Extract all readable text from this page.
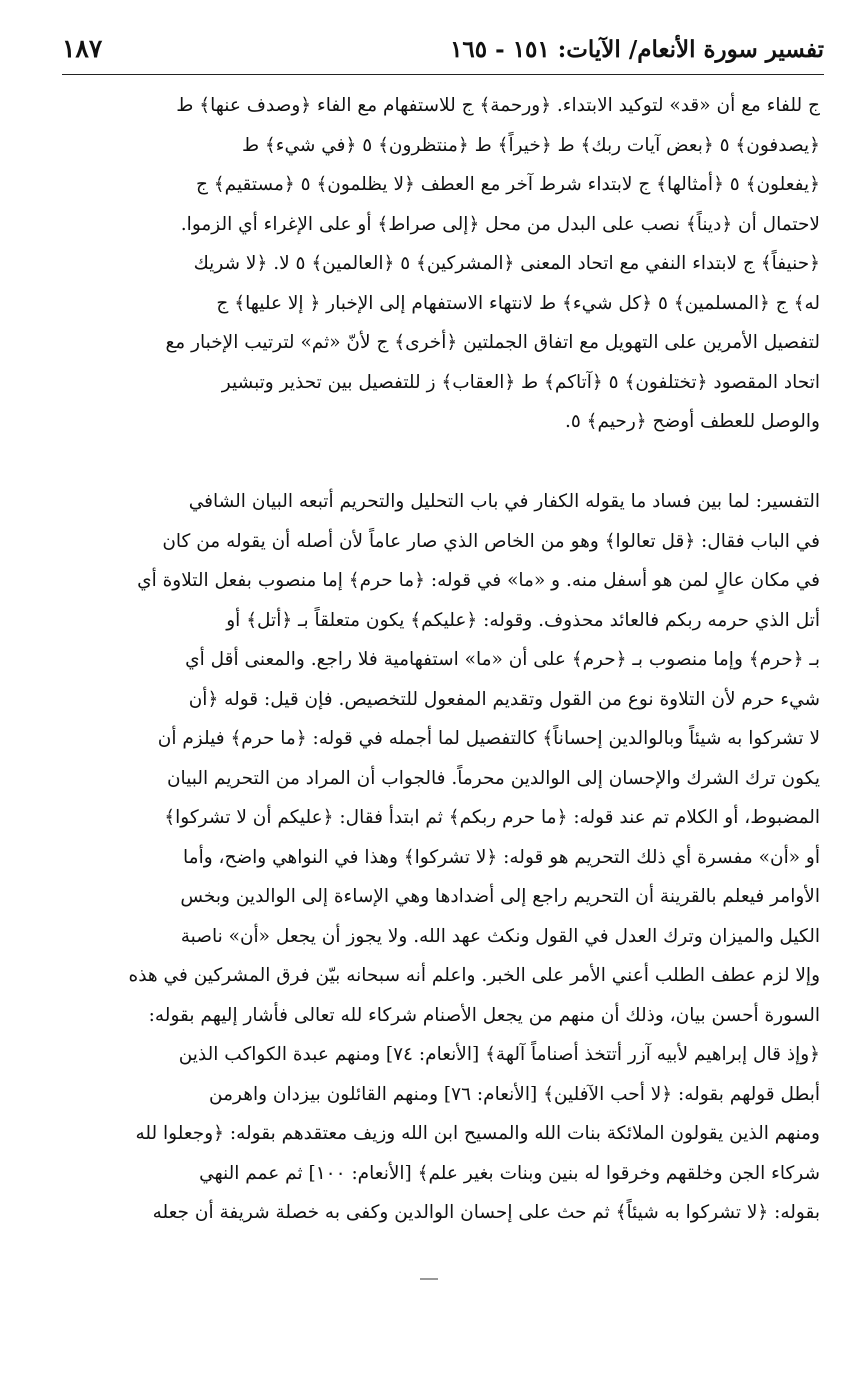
١٨٧	تفسير سورة الأنعام/ الآيات: ١٥١ - ١٦٥
ج للفاء مع أن «قد» لتوكيد الابتداء. ﴿ورحمة﴾ ج للاستفهام مع الفاء ﴿وصدف عنها﴾ ط
﴿يصدفون﴾ ٥ ﴿بعض آيات ربك﴾ ط ﴿خيراً﴾ ط ﴿منتظرون﴾ ٥ ﴿في شيء﴾ ط
﴿يفعلون﴾ ٥ ﴿أمثالها﴾ ج لابتداء شرط آخر مع العطف ﴿لا يظلمون﴾ ٥ ﴿مستقيم﴾ ج
لاحتمال أن ﴿ديناً﴾ نصب على البدل من محل ﴿إلى صراط﴾ أو على الإغراء أي الزموا.
﴿حنيفاً﴾ ج لابتداء النفي مع اتحاد المعنى ﴿المشركين﴾ ٥ ﴿العالمين﴾ ٥ لا. ﴿لا شريك
له﴾ ج ﴿المسلمين﴾ ٥ ﴿كل شيء﴾ ط لانتهاء الاستفهام إلى الإخبار ﴿ إلا عليها﴾ ج
لتفصيل الأمرين على التهويل مع اتفاق الجملتين ﴿أخرى﴾ ج لأنّ «ثم» لترتيب الإخبار مع
اتحاد المقصود ﴿تختلفون﴾ ٥ ﴿آتاكم﴾ ط ﴿العقاب﴾ ز للتفصيل بين تحذير وتبشير
والوصل للعطف أوضح ﴿رحيم﴾ ٥.
التفسير: لما بين فساد ما يقوله الكفار في باب التحليل والتحريم أتبعه البيان الشافي
في الباب فقال: ﴿قل تعالوا﴾ وهو من الخاص الذي صار عاماً لأن أصله أن يقوله من كان
في مكان عالٍ لمن هو أسفل منه. و «ما» في قوله: ﴿ما حرم﴾ إما منصوب بفعل التلاوة أي
أتل الذي حرمه ربكم فالعائد محذوف. وقوله: ﴿عليكم﴾ يكون متعلقاً بـ ﴿أتل﴾ أو
بـ ﴿حرم﴾ وإما منصوب بـ ﴿حرم﴾ على أن «ما» استفهامية فلا راجع. والمعنى أقل أي
شيء حرم لأن التلاوة نوع من القول وتقديم المفعول للتخصيص. فإن قيل: قوله ﴿أن
لا تشركوا به شيئاً وبالوالدين إحساناً﴾ كالتفصيل لما أجمله في قوله: ﴿ما حرم﴾ فيلزم أن
يكون ترك الشرك والإحسان إلى الوالدين محرماً. فالجواب أن المراد من التحريم البيان
المضبوط، أو الكلام تم عند قوله: ﴿ما حرم ربكم﴾ ثم ابتدأ فقال: ﴿عليكم أن لا تشركوا﴾
أو «أن» مفسرة أي ذلك التحريم هو قوله: ﴿لا تشركوا﴾ وهذا في النواهي واضح، وأما
الأوامر فيعلم بالقرينة أن التحريم راجع إلى أضدادها وهي الإساءة إلى الوالدين وبخس
الكيل والميزان وترك العدل في القول ونكث عهد الله. ولا يجوز أن يجعل «أن» ناصبة
وإلا لزم عطف الطلب أعني الأمر على الخبر. واعلم أنه سبحانه بيّن فرق المشركين في هذه
السورة أحسن بيان، وذلك أن منهم من يجعل الأصنام شركاء لله تعالى فأشار إليهم بقوله:
﴿وإذ قال إبراهيم لأبيه آزر أتتخذ أصناماً آلهة﴾ [الأنعام: ٧٤] ومنهم عبدة الكواكب الذين
أبطل قولهم بقوله: ﴿لا أحب الآفلين﴾ [الأنعام: ٧٦] ومنهم القائلون بيزدان واهرمن
ومنهم الذين يقولون الملائكة بنات الله والمسيح ابن الله وزيف معتقدهم بقوله: ﴿وجعلوا لله
شركاء الجن وخلقهم وخرقوا له بنين وبنات بغير علم﴾ [الأنعام: ١٠٠] ثم عمم النهي
بقوله: ﴿لا تشركوا به شيئاً﴾ ثم حث على إحسان الوالدين وكفى به خصلة شريفة أن جعله
